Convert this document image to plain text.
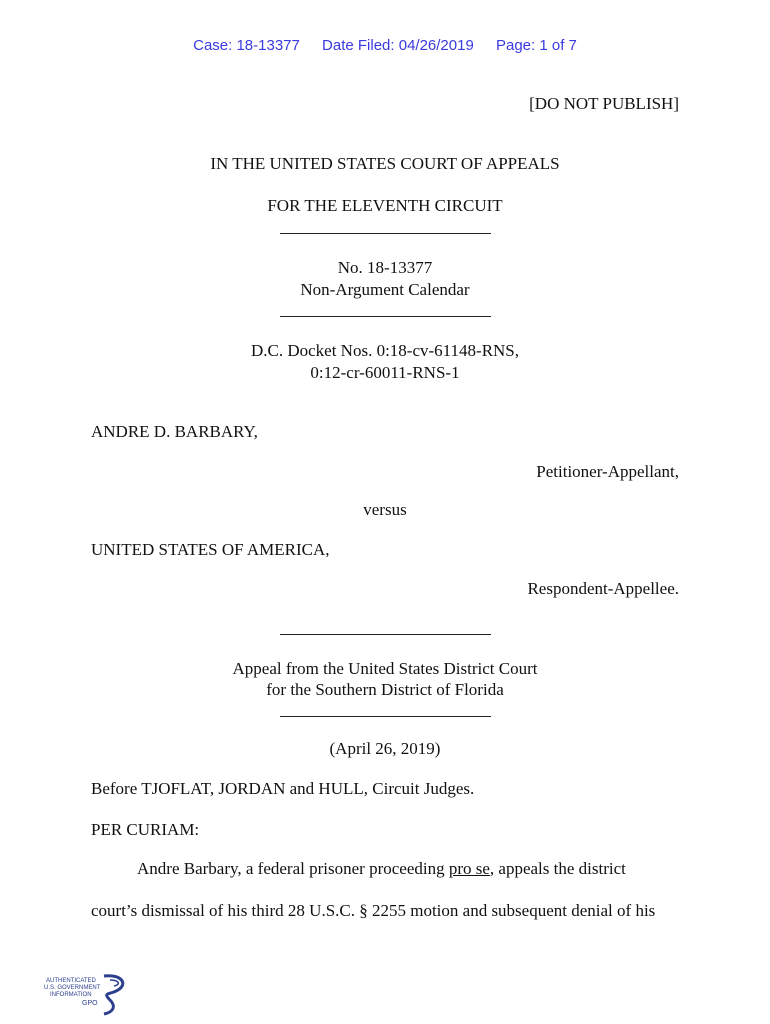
Case: 18-13377 Date Filed: 04/26/2019 Page: 1 of 7
[DO NOT PUBLISH]
IN THE UNITED STATES COURT OF APPEALS
FOR THE ELEVENTH CIRCUIT
No. 18-13377
Non-Argument Calendar
D.C. Docket Nos. 0:18-cv-61148-RNS,
0:12-cr-60011-RNS-1
ANDRE D. BARBARY,
Petitioner-Appellant,
versus
UNITED STATES OF AMERICA,
Respondent-Appellee.
Appeal from the United States District Court
for the Southern District of Florida
(April 26, 2019)
Before TJOFLAT, JORDAN and HULL, Circuit Judges.
PER CURIAM:
Andre Barbary, a federal prisoner proceeding pro se, appeals the district
court’s dismissal of his third 28 U.S.C. § 2255 motion and subsequent denial of his
AUTHENTICATED
U.S. GOVERNMENT
INFORMATION
GPO
